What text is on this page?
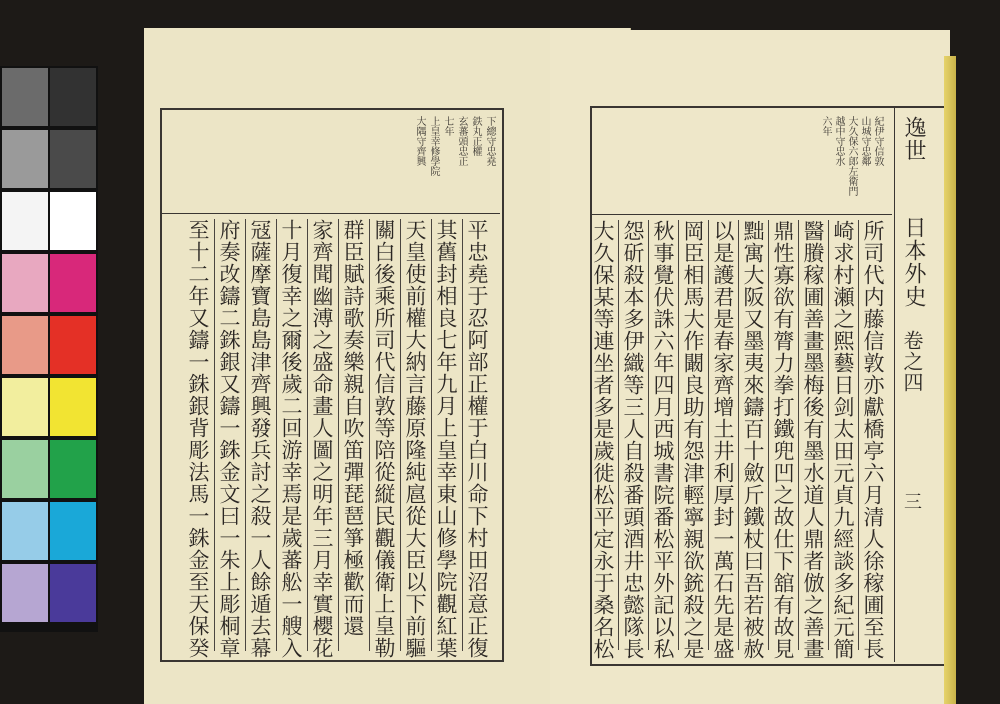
平忠堯于忍阿部正權于白川命下村田沼意正復
其舊封相良七年九月上皇幸東山修學院觀紅葉
天皇使前權大納言藤原隆純扈從大臣以下前驅
關白後乘所司代信敦等陪從縦民觀儀衛上皇勒
群臣賦詩歌奏樂親自吹笛彈琵琶箏極歡而還
家齊聞幽溥之盛命畫人圖之明年三月幸實櫻花
十月復幸之爾後歲二回游幸焉是歲蕃舩一艘入
冦薩摩寶島島津齊興發兵討之殺一人餘遁去幕
府奏改鑄二銖銀又鑄一銖金文曰一朱上彫桐章
至十二年又鑄一銖銀背彫法馬一銖金至天保癸
下總守忠堯
鉄丸正權
玄蕃頭忠正
七年
上皇幸修學院
大隅守齊興	逸世
日本外史
卷之四
三
所司代内藤信敦亦獻橋亭六月清人徐稼圃至長
崎求村瀬之熙藝日剑太田元貞九經談多紀元簡
醫賸稼圃善畫墨梅後有墨水道人鼎者倣之善畫
鼎性寡欲有膂力拳打鐵兜凹之故仕下舘有故見
黜寓大阪又墨夷來鑄百十斂斤鐵杖曰吾若被赦
以是護君是春家齊增土井利厚封一萬石先是盛
岡臣相馬大作闞良助有怨津輕寧親欲銃殺之是
秋事覺伏誅六年四月西城書院番松平外記以私
怨斫殺本多伊織等三人自殺番頭酒井忠懿隊長
大久保某等連坐者多是歲徙松平定永于桑名松
紀伊守信敦
山城守忠鄰
大久保六郎左衛門
越中守忠水
六年
